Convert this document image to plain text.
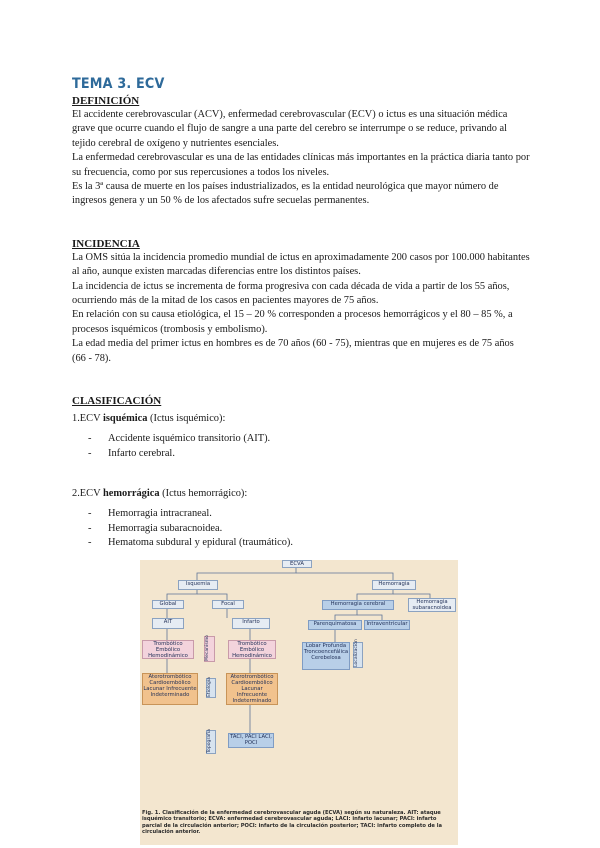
TEMA 3. ECV
DEFINICIÓN

El accidente cerebrovascular (ACV), enfermedad cerebrovascular (ECV) o ictus es una situación médica grave que ocurre cuando el flujo de sangre a una parte del cerebro se interrumpe o se reduce, privando al tejido cerebral de oxígeno y nutrientes esenciales.

La enfermedad cerebrovascular es una de las entidades clínicas más importantes en la práctica diaria tanto por su frecuencia, como por sus repercusiones a todos los niveles.

Es la 3ª causa de muerte en los países industrializados, es la entidad neurológica que mayor número de ingresos genera y un 50 % de los afectados sufre secuelas permanentes.

INCIDENCIA

La OMS sitúa la incidencia promedio mundial de ictus en aproximadamente 200 casos por 100.000 habitantes al año, aunque existen marcadas diferencias entre los distintos países.

La incidencia de ictus se incrementa de forma progresiva con cada década de vida a partir de los 55 años, ocurriendo más de la mitad de los casos en pacientes mayores de 75 años.

En relación con su causa etiológica, el 15 – 20 % corresponden a procesos hemorrágicos y el 80 – 85 %, a procesos isquémicos (trombosis y embolismo).

La edad media del primer ictus en hombres es de 70 años (60 - 75), mientras que en mujeres es de 75 años (66 - 78).

CLASIFICACIÓN

1.ECV isquémica (Ictus isquémico):

- Accidente isquémico transitorio (AIT).
- Infarto cerebral.

2.ECV hemorrágica (Ictus hemorrágico):

- Hemorragia intracraneal.
- Hemorragia subaracnoidea.
- Hematoma subdural y epidural (traumático).
ECVA
Isquemia	Hemorragia
Global	Focal
AIT	Infarto
Hemorragia cerebral	Hemorragia subaracnoidea
Parenquimatosa	Intraventricular
Trombótico Embólico Hemodinámico
Trombótico Embólico Hemodinámico
Mecanismo
Aterotrombótico Cardioembólico Lacunar Infrecuente Indeterminado
Aterotrombótico Cardioembólico Lacunar Infrecuente Indeterminado
Etiología
TACI, PACI LACI, POCI
Topografía
Lobar Profunda Troncoencefálica Cerebelosa	Localización
Fig. 1. Clasificación de la enfermedad cerebrovascular aguda (ECVA) según su naturaleza. AIT: ataque isquémico transitorio; ECVA: enfermedad cerebrovascular aguda; LACI: infarto lacunar; PACI: infarto parcial de la circulación anterior; POCI: infarto de la circulación posterior; TACI: infarto completo de la circulación anterior.
